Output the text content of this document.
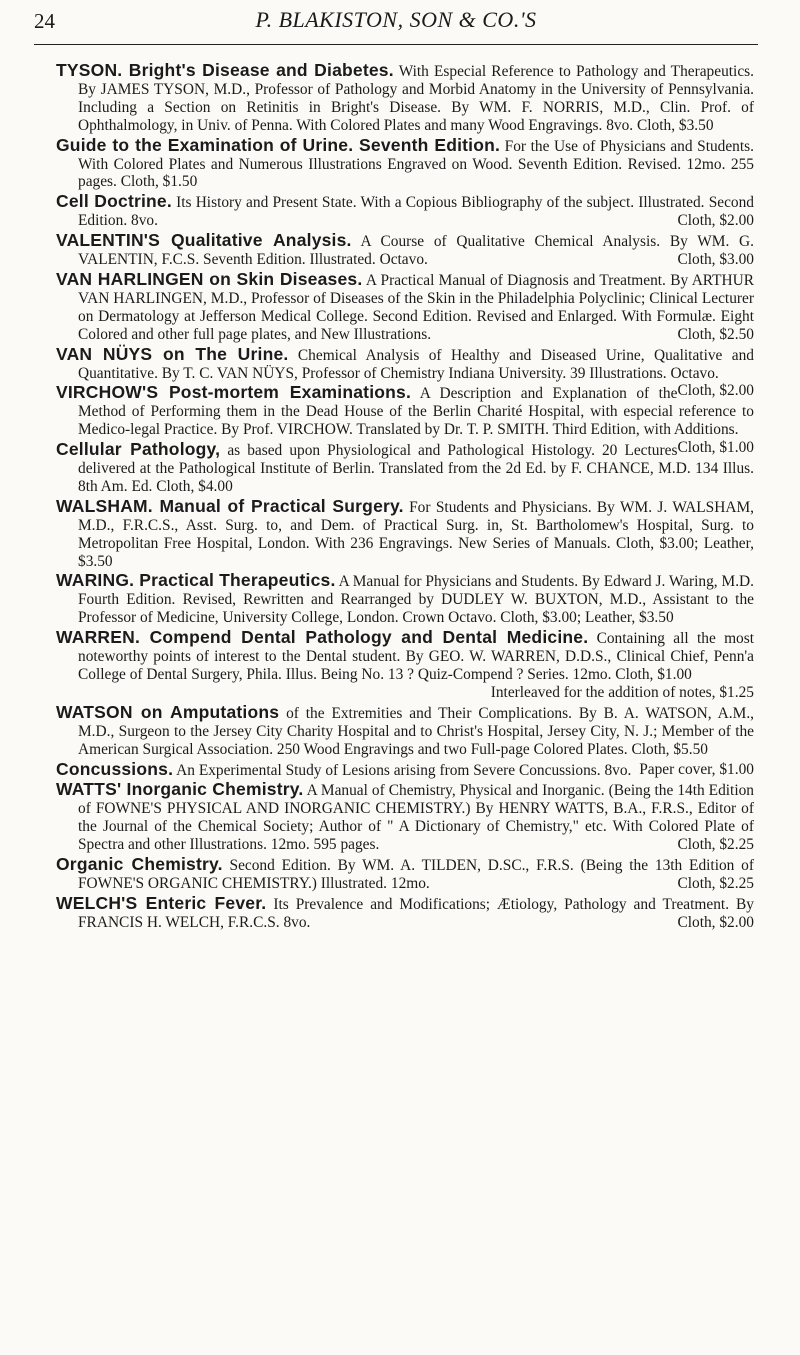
24	P. BLAKISTON, SON & CO.'S
TYSON. Bright's Disease and Diabetes. With Especial Reference to Pathology and Therapeutics. By JAMES TYSON, M.D., Professor of Pathology and Morbid Anatomy in the University of Pennsylvania. Including a Section on Retinitis in Bright's Disease. By WM. F. NORRIS, M.D., Clin. Prof. of Ophthalmology, in Univ. of Penna. With Colored Plates and many Wood Engravings. 8vo. Cloth, $3.50
Guide to the Examination of Urine. Seventh Edition. For the Use of Physicians and Students. With Colored Plates and Numerous Illustrations Engraved on Wood. Seventh Edition. Revised. 12mo. 255 pages. Cloth, $1.50
Cell Doctrine. Its History and Present State. With a Copious Bibliography of the subject. Illustrated. Second Edition. 8vo.	Cloth, $2.00
VALENTIN'S Qualitative Analysis. A Course of Qualitative Chemical Analysis. By WM. G. VALENTIN, F.C.S. Seventh Edition. Illustrated. Octavo.	Cloth, $3.00
VAN HARLINGEN on Skin Diseases. A Practical Manual of Diagnosis and Treatment. By ARTHUR VAN HARLINGEN, M.D., Professor of Diseases of the Skin in the Philadelphia Polyclinic; Clinical Lecturer on Dermatology at Jefferson Medical College. Second Edition. Revised and Enlarged. With Formulæ. Eight Colored and other full page plates, and New Illustrations.	Cloth, $2.50
VAN NÜYS on The Urine. Chemical Analysis of Healthy and Diseased Urine, Qualitative and Quantitative. By T. C. VAN NÜYS, Professor of Chemistry Indiana University. 39 Illustrations. Octavo.
Cloth, $2.00
VIRCHOW'S Post-mortem Examinations. A Description and Explanation of the Method of Performing them in the Dead House of the Berlin Charité Hospital, with especial reference to Medico-legal Practice. By Prof. VIRCHOW. Translated by Dr. T. P. SMITH. Third Edition, with Additions.
Cloth, $1.00
Cellular Pathology, as based upon Physiological and Pathological Histology. 20 Lectures delivered at the Pathological Institute of Berlin. Translated from the 2d Ed. by F. CHANCE, M.D. 134 Illus. 8th Am. Ed. Cloth, $4.00
WALSHAM. Manual of Practical Surgery. For Students and Physicians. By WM. J. WALSHAM, M.D., F.R.C.S., Asst. Surg. to, and Dem. of Practical Surg. in, St. Bartholomew's Hospital, Surg. to Metropolitan Free Hospital, London. With 236 Engravings. New Series of Manuals. Cloth, $3.00; Leather, $3.50
WARING. Practical Therapeutics. A Manual for Physicians and Students. By Edward J. Waring, M.D. Fourth Edition. Revised, Rewritten and Rearranged by DUDLEY W. BUXTON, M.D., Assistant to the Professor of Medicine, University College, London. Crown Octavo. Cloth, $3.00; Leather, $3.50
WARREN. Compend Dental Pathology and Dental Medicine. Containing all the most noteworthy points of interest to the Dental student. By GEO. W. WARREN, D.D.S., Clinical Chief, Penn'a College of Dental Surgery, Phila. Illus. Being No. 13 ? Quiz-Compend ? Series. 12mo. Cloth, $1.00
Interleaved for the addition of notes, $1.25
WATSON on Amputations of the Extremities and Their Complications. By B. A. WATSON, A.M., M.D., Surgeon to the Jersey City Charity Hospital and to Christ's Hospital, Jersey City, N. J.; Member of the American Surgical Association. 250 Wood Engravings and two Full-page Colored Plates. Cloth, $5.50
Concussions. An Experimental Study of Lesions arising from Severe Concussions. 8vo. Paper cover, $1.00
WATTS' Inorganic Chemistry. A Manual of Chemistry, Physical and Inorganic. (Being the 14th Edition of FOWNE'S PHYSICAL AND INORGANIC CHEMISTRY.) By HENRY WATTS, B.A., F.R.S., Editor of the Journal of the Chemical Society; Author of " A Dictionary of Chemistry," etc. With Colored Plate of Spectra and other Illustrations. 12mo. 595 pages.	Cloth, $2.25
Organic Chemistry. Second Edition. By WM. A. TILDEN, D.SC., F.R.S. (Being the 13th Edition of FOWNE'S ORGANIC CHEMISTRY.) Illustrated. 12mo.	Cloth, $2.25
WELCH'S Enteric Fever. Its Prevalence and Modifications; Ætiology, Pathology and Treatment. By FRANCIS H. WELCH, F.R.C.S. 8vo.	Cloth, $2.00
